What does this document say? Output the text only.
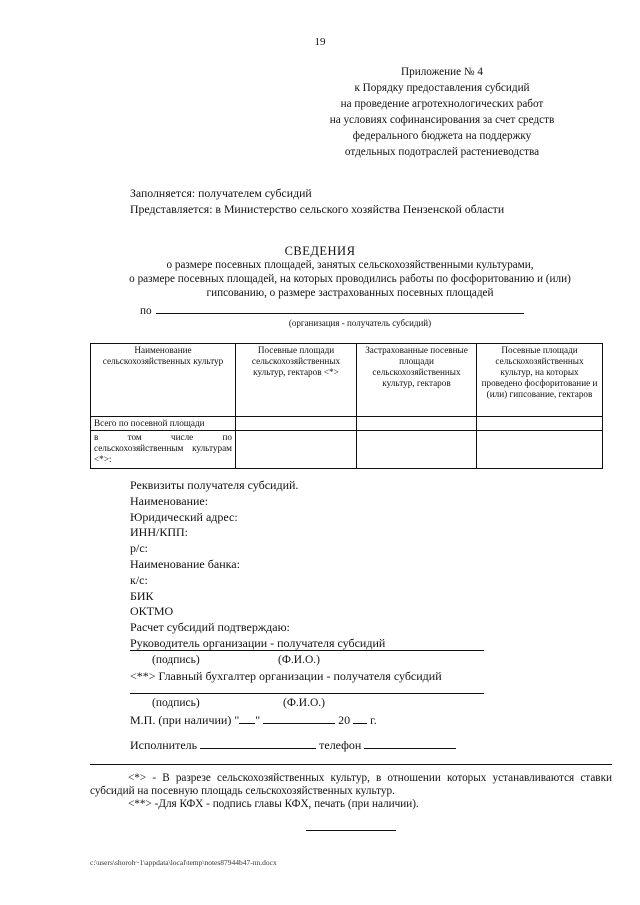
19
Приложение № 4
к Порядку предоставления субсидий
на проведение агротехнологических работ
на условиях софинансирования за счет средств
федерального бюджета на поддержку
отдельных подотраслей растениеводства
Заполняется: получателем субсидий
Представляется: в Министерство сельского хозяйства Пензенской области
СВЕДЕНИЯ
о размере посевных площадей, занятых сельскохозяйственными культурами,
о размере посевных площадей, на которых проводились работы по фосфоритованию и (или)
гипсованию, о размере застрахованных посевных площадей
по
(организация - получатель субсидий)
Наименование сельскохозяйственных культур	Посевные площади сельскохозяйственных культур, гектаров <*>	Застрахованные посевные площади сельскохозяйственных культур, гектаров	Посевные площади сельскохозяйственных культур, на которых проведено фосфоритование и (или) гипсование, гектаров
Всего по посевной площади			
в том числе по сельскохозяйственным культурам <*>:			
Реквизиты получателя субсидий.
Наименование:
Юридический адрес:
ИНН/КПП:
р/с:
Наименование банка:
к/с:
БИК
ОКТМО
Расчет субсидий подтверждаю:
Руководитель организации - получателя субсидий
(подпись)	(Ф.И.О.)
<**> Главный бухгалтер организации - получателя субсидий
(подпись)	(Ф.И.О.)
М.П. (при наличии) " "	20 г.
Исполнитель	телефон

<*> - В разрезе сельскохозяйственных культур, в отношении которых устанавливаются ставки субсидий на посевную площадь сельскохозяйственных культур.

<**> -Для КФХ - подпись главы КФХ, печать (при наличии).

c:\users\shoroh~1\appdata\local\temp\notes87944b47-nn.docx
